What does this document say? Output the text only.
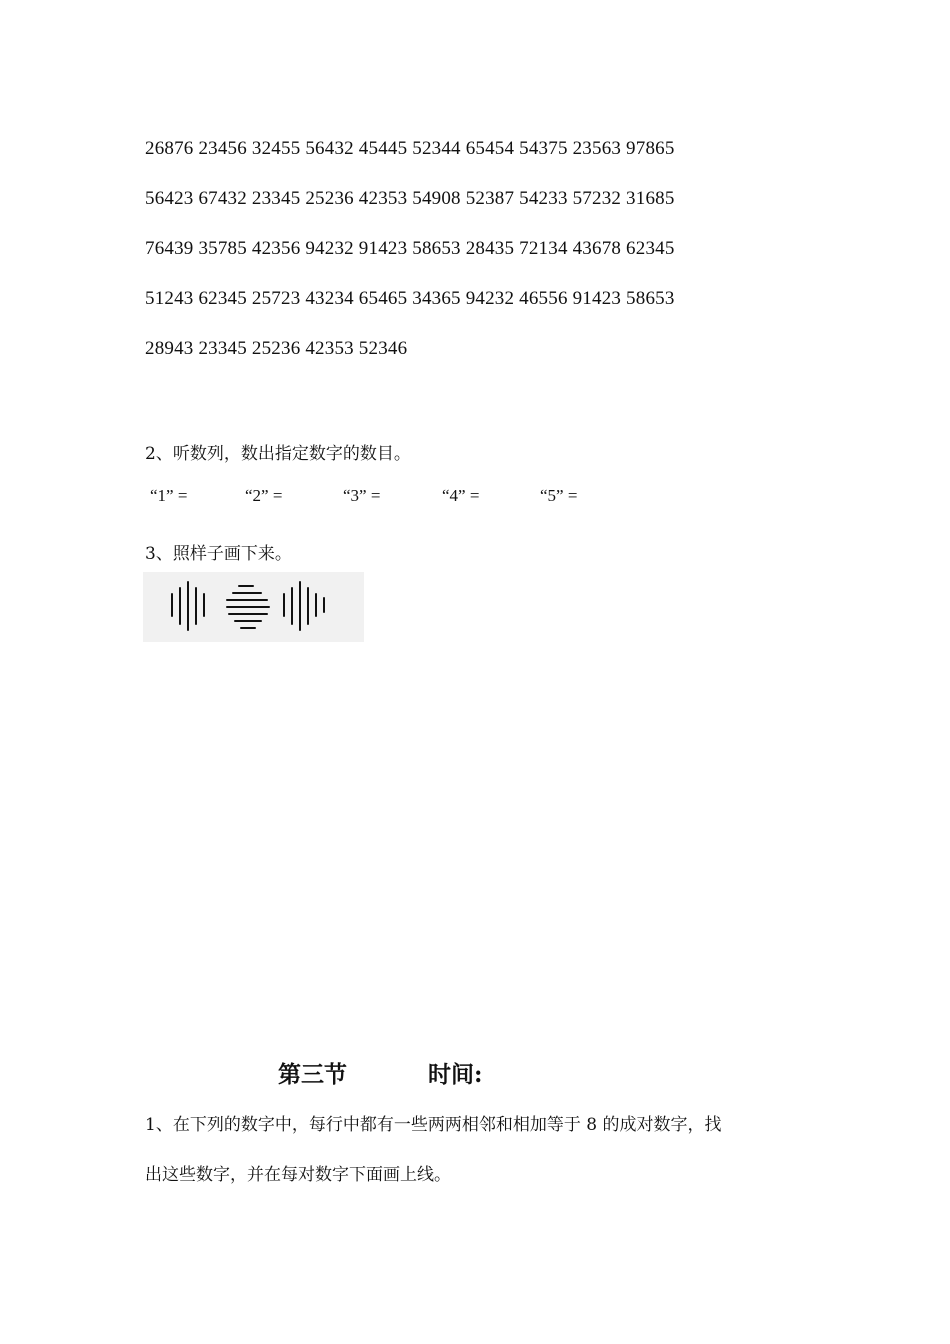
26876 23456 32455 56432 45445 52344 65454 54375 23563 97865
56423 67432 23345 25236 42353 54908 52387 54233 57232 31685
76439 35785 42356 94232 91423 58653 28435 72134 43678 62345
51243 62345 25723 43234 65465 34365 94232 46556 91423 58653
28943 23345 25236 42353 52346
2、听数列，数出指定数字的数目。
“1” =	“2” =	“3” =	“4” =	“5” =
3、照样子画下来。
第三节	时间:
1、在下列的数字中，每行中都有一些两两相邻和相加等于 8 的成对数字，找
出这些数字，并在每对数字下面画上线。
